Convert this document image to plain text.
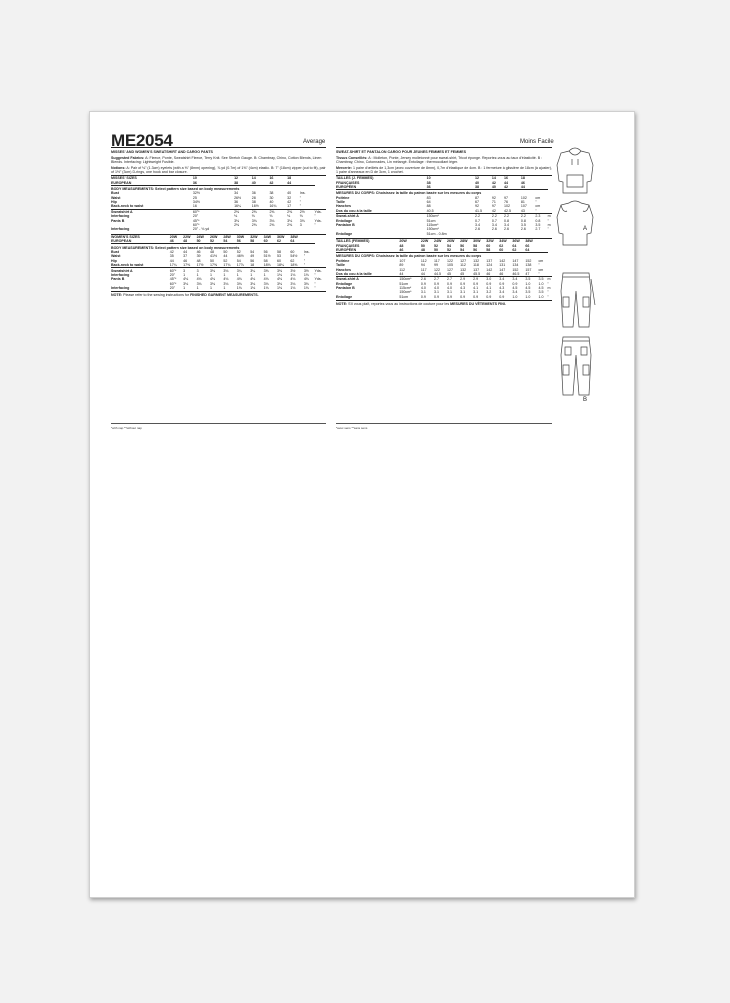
ME2054	Average	Moins Facile
MISSES' AND WOMEN'S SWEATSHIRT AND CARGO PANTS
Suggested Fabrics: A: Fleece, Ponte, Sweatshirt Fleece, Terry Knit. See Stretch Gauge. B: Chambray, Chino, Cotton Blends, Linen Blends. Interfacing: Lightweight Fusible.
Notions: A: Pair of ⅛" (1.3cm) eyelets (with a ⅜" (8mm) opening), ⅞ yd (0.7m) of 1⅝" (4cm) elastic. B: 7" (18cm) zipper (cut to fit), pair of 1½" (3cm) D-rings, one hook and bar closure.
MISSES' SIZES	10	12	14	16	18		
EUROPEAN	36	38	40	42	44		
BODY MEASUREMENTS: Select pattern size based on body measurements							
Bust	32½	34	36	38	40	Ins.	
Waist	25	26½	28	30	32	"	
Hip	34½	36	38	40	42	"	
Back-neck to waist	16	16¼	16½	16¾	17	"	
Sweatshirt A	60"*	2⅜	2⅜	2⅜	2⅜	2½	Yds.
Interfacing	20"	⅛	⅛	⅛	⅛	⅛	"
Pants B	45"*	3⅛	3⅛	3⅛	3⅛	3⅛	Yds.
	60"*	2⅜	2⅜	2⅜	2⅜	3	"
Interfacing	20" - ⅛ yd						
WOMEN'S SIZES	20W	22W	24W	26W	28W	30W	32W	34W	36W	38W		
EUROPEAN	46	48	50	52	54	56	58	60	62	64		
BODY MEASUREMENTS: Select pattern size based on body measurements												
Bust	42	44	46	48	50	52	54	56	58	60	Ins.	
Waist	35	37	39	41½	44	46½	49	51½	53	54½	"	
Hip	44	46	48	50	52	54	56	58	60	62	"	
Back-neck to waist	17¼	17⅜	17½	17⅝	17¾	17⅞	18	18⅛	18¼	18⅜	"	
Sweatshirt A	60"*	3	3	3⅛	3⅛	3¼	3¼	3⅜	3⅜	3½	3½	Yds.
Interfacing	20"	1	1	1	1	1	1	1	1⅛	1⅛	1⅛	"
Pants B	45"*	4⅛	4⅛	4⅛	4⅛	4⅛	4⅛	4⅛	4⅛	4⅛	4⅛	Yds.
	60"*	3⅛	3⅛	3⅛	3⅛	3⅛	3⅛	3⅛	3⅛	3⅛	3⅛	"
Interfacing	20"	1	1	1	1	1⅛	1⅛	1⅛	1⅛	1⅛	1⅛	"
NOTE: Please refer to the sewing instructions for FINISHED GARMENT MEASUREMENTS.
SWEAT-SHIRT ET PANTALON CARGO POUR JEUNES FEMMES ET FEMMES
Tissus Conseillés: A : Molleton, Ponte, Jersey molletonné pour sweat-shirt, Tricot éponge. Reportez-vous au taux d'élasticité. B : Chambray, Chino, Cotonnades, Lin mélangé. Entoilage : thermocollant léger.
Mercerie: 1 paire d'œillets de 1,3cm (avec ouverture de 8mm), 0,7m d'élastique de 4cm. B : 1 fermeture à glissière de 18cm (à ajuster), 1 paire d'anneaux en D de 3cm, 1 crochet.
TAILLES (J. FEMMES)	10	12	14	16	18		
FRANÇAISES	38	40	42	44	46		
EUROPÉEN	36	38	40	42	44		
MESURES DU CORPS: Choisissez la taille du patron basée sur les mesures du corps							
Poitrine	83	87	92	97	102	cm	
Taille	64	67	71	76	81	"	
Hanches	88	92	97	102	107	cm	
Dos du cou à la taille	40.5	41.5	42	42.5	43	"	
Sweat-shirt A	150cm*	2.2	2.2	2.2	2.2	2.3	m
Entoilage	51cm	0.7	0.7	0.8	0.8	0.8	"
Pantalon B	115cm*	3.4	3.4	3.4	3.5	3.5	m
	150cm*	2.6	2.6	2.6	2.6	2.7	"
Entoilage	51cm - 0.8m						
TAILLES (FEMMES)	20W	22W	24W	26W	28W	30W	32W	34W	36W	38W		
FRANÇAISES	48	50	52	54	56	58	60	62	64	66		
EUROPÉEN	46	48	50	52	54	56	58	60	62	64		
MESURES DU CORPS: Choisissez la taille du patron basée sur les mesures du corps												
Poitrine	107	112	117	122	127	132	137	142	147	152	cm	
Taille	89	94	99	105	112	118	124	131	134	138	"	
Hanches	112	117	122	127	132	137	142	147	152	157	cm	
Dos du cou à la taille	44	44	44.5	45	45	45.5	46	46	46.5	47	"	
Sweat-shirt A	150cm*	2.6	2.7	2.7	2.9	2.9	3.0	3.4	3.4	3.5	3.5	m
Entoilage	51cm	0.9	0.9	0.9	0.9	0.9	0.9	0.9	0.9	1.0	1.0	"
Pantalon B	115cm*	4.0	4.0	4.0	4.3	4.1	4.1	4.3	4.5	4.5	4.5	m
	150cm*	3.1	3.1	3.1	3.1	3.1	3.2	3.4	3.4	3.5	3.5	"
Entoilage	51cm	0.9	0.9	0.9	0.9	0.9	0.9	0.9	1.0	1.0	1.0	"
NOTE: S'il vous plaît, reportez-vous au instructions de couture pour les MESURES DU VÊTEMENTS FINI.
*with nap **without nap	*avec sens **sans sens
A
B
